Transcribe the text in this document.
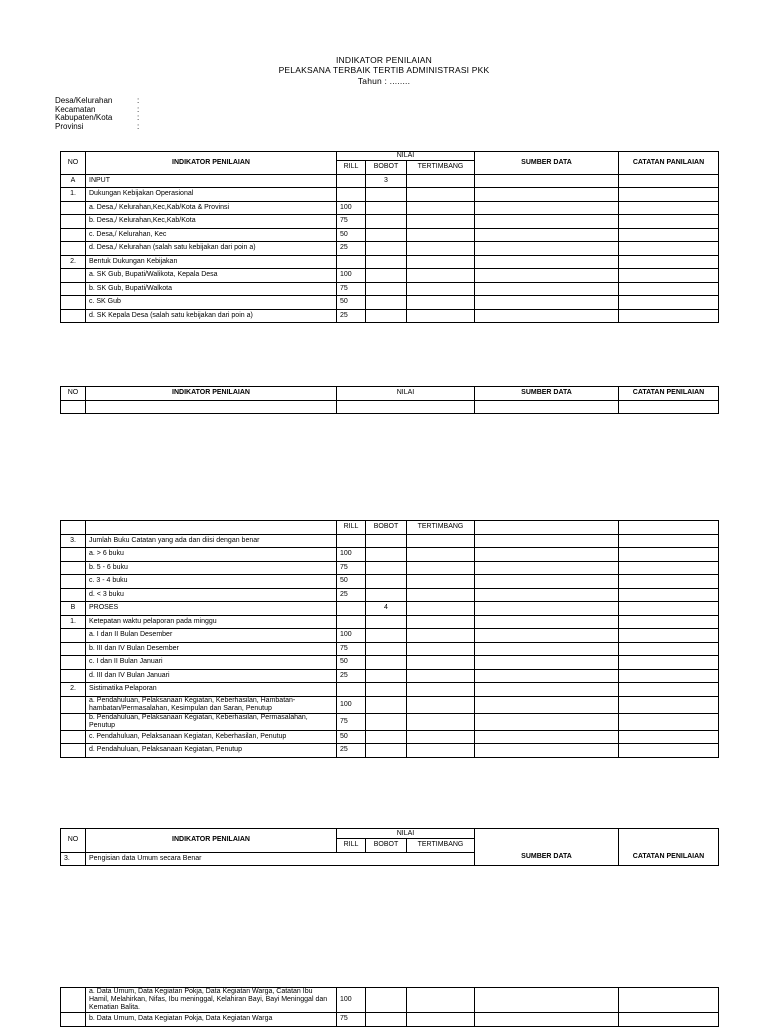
INDIKATOR PENILAIAN
PELAKSANA TERBAIK TERTIB ADMINISTRASI PKK
Tahun : ........
Desa/Kelurahan	:
Kecamatan	:
Kabupaten/Kota	:
Provinsi	:
NO	INDIKATOR PENILAIAN	NILAI			SUMBER DATA	CATATAN PANILAIAN
		RILL	BOBOT	TERTIMBANG		
A	INPUT		3			
1.	Dukungan Kebijakan Operasional					
	a. Desa,/ Kelurahan,Kec,Kab/Kota & Provinsi	100				
	b. Desa,/ Kelurahan,Kec,Kab/Kota	75				
	c. Desa,/ Kelurahan, Kec	50				
	d. Desa,/ Kelurahan (salah satu kebijakan dari poin a)	25				
2.	Bentuk Dukungan Kebijakan					
	a. SK Gub, Bupati/Walikota, Kepala Desa	100				
	b. SK Gub, Bupati/Walkota	75				
	c. SK Gub	50				
	d. SK Kepala Desa (salah satu kebijakan dari poin a)	25				
NO	INDIKATOR PENILAIAN	NILAI	SUMBER DATA	CATATAN PENILAIAN

		RILL	BOBOT	TERTIMBANG		
3.	Jumlah Buku Catatan yang ada dan diisi dengan benar					
	a. > 6 buku	100				
	b. 5 - 6 buku	75				
	c. 3 - 4 buku	50				
	d. < 3 buku	25				
B	PROSES		4			
1.	Ketepatan waktu pelaporan pada minggu					
	a. I dan II Bulan Desember	100				
	b. III dan IV Bulan Desember	75				
	c. I dan II Bulan Januari	50				
	d. III dan IV Bulan Januari	25				
2.	Sistimatika Pelaporan					
	a. Pendahuluan, Pelaksanaan Kegiatan, Keberhasilan, Hambatan-hambatan/Permasalahan, Kesimpulan dan Saran, Penutup	100				
	b. Pendahuluan, Pelaksanaan Kegiatan, Keberhasilan, Permasalahan, Penutup	75				
	c. Pendahuluan, Pelaksanaan Kegiatan, Keberhasilan, Penutup	50				
	d. Pendahuluan, Pelaksanaan Kegiatan, Penutup	25				
NO	INDIKATOR PENILAIAN	NILAI			SUMBER DATA	CATATAN PENILAIAN
		RILL	BOBOT	TERTIMBANG		
3.	Pengisian data Umum secara Benar					
	a. Data Umum, Data Kegiatan Pokja, Data Kegiatan Warga, Catatan Ibu Hamil, Melahirkan, Nifas, Ibu meninggal, Kelahiran Bayi, Bayi Meninggal dan Kematian Balita.	100				
	b. Data Umum, Data Kegiatan Pokja, Data Kegiatan Warga	75				
